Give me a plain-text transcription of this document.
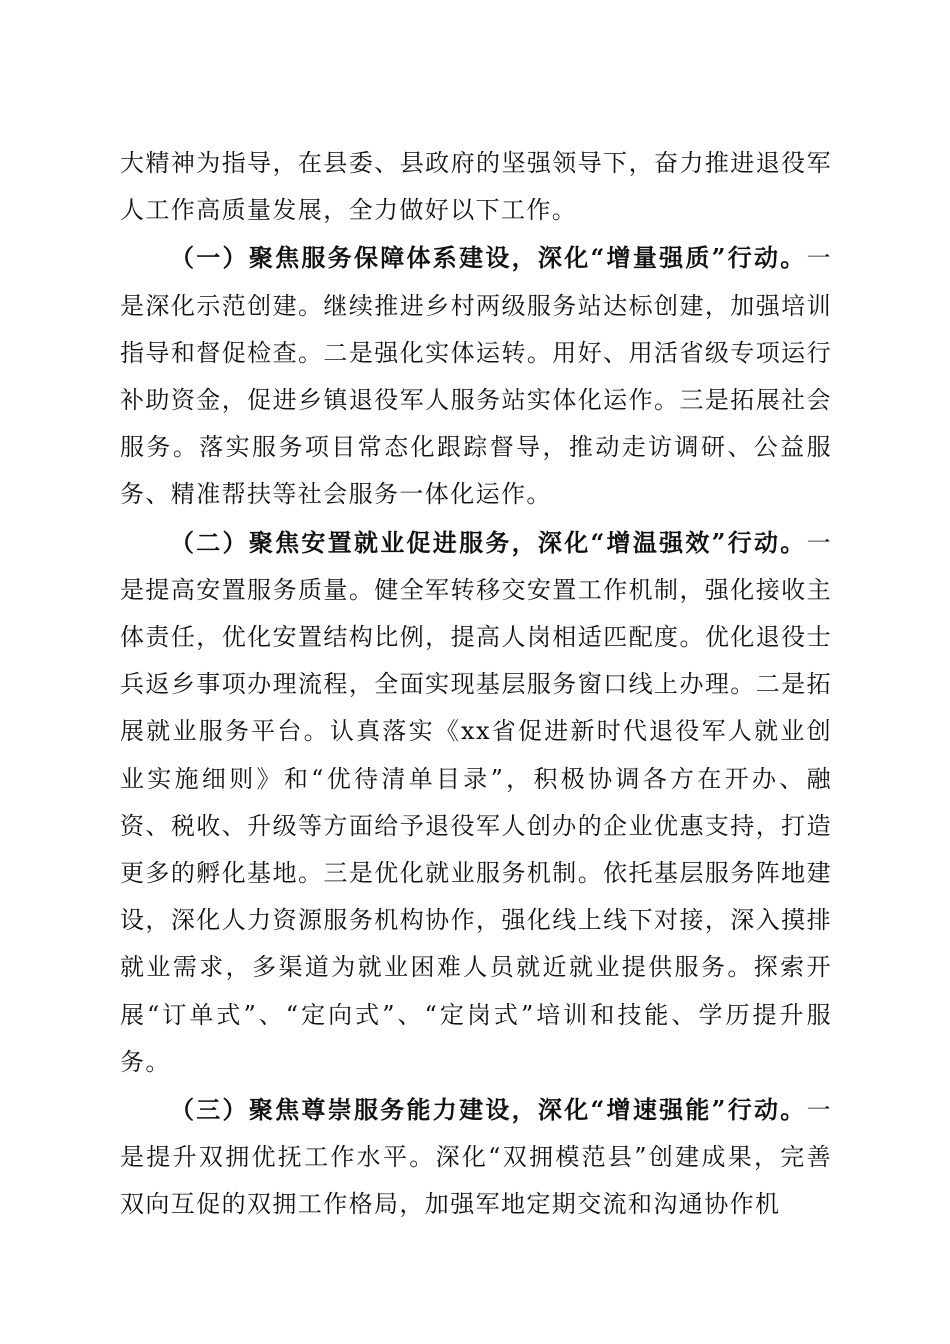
大精神为指导，在县委、县政府的坚强领导下，奋力推进退役军人工作高质量发展，全力做好以下工作。

（一）聚焦服务保障体系建设，深化“增量强质”行动。一是深化示范创建。继续推进乡村两级服务站达标创建，加强培训指导和督促检查。二是强化实体运转。用好、用活省级专项运行补助资金，促进乡镇退役军人服务站实体化运作。三是拓展社会服务。落实服务项目常态化跟踪督导，推动走访调研、公益服务、精准帮扶等社会服务一体化运作。

（二）聚焦安置就业促进服务，深化“增温强效”行动。一是提高安置服务质量。健全军转移交安置工作机制，强化接收主体责任，优化安置结构比例，提高人岗相适匹配度。优化退役士兵返乡事项办理流程，全面实现基层服务窗口线上办理。二是拓展就业服务平台。认真落实《xx省促进新时代退役军人就业创业实施细则》和“优待清单目录”，积极协调各方在开办、融资、税收、升级等方面给予退役军人创办的企业优惠支持，打造更多的孵化基地。三是优化就业服务机制。依托基层服务阵地建设，深化人力资源服务机构协作，强化线上线下对接，深入摸排就业需求，多渠道为就业困难人员就近就业提供服务。探索开展“订单式”、“定向式”、“定岗式”培训和技能、学历提升服务。

（三）聚焦尊崇服务能力建设，深化“增速强能”行动。一是提升双拥优抚工作水平。深化“双拥模范县”创建成果，完善双向互促的双拥工作格局，加强军地定期交流和沟通协作机
